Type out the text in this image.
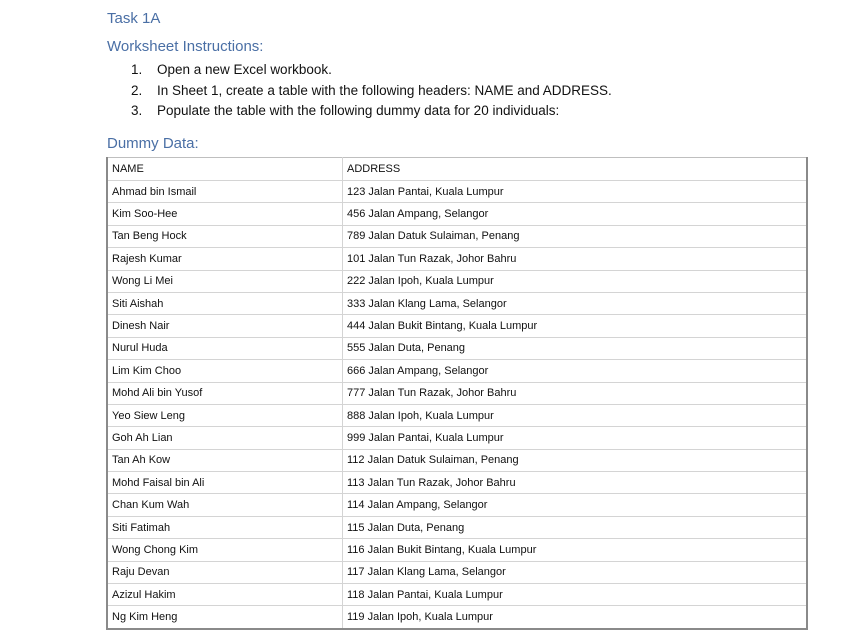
Task 1A
Worksheet Instructions:
1. Open a new Excel workbook.
2. In Sheet 1, create a table with the following headers: NAME and ADDRESS.
3. Populate the table with the following dummy data for 20 individuals:
Dummy Data:
NAME	ADDRESS
Ahmad bin Ismail	123 Jalan Pantai, Kuala Lumpur
Kim Soo-Hee	456 Jalan Ampang, Selangor
Tan Beng Hock	789 Jalan Datuk Sulaiman, Penang
Rajesh Kumar	101 Jalan Tun Razak, Johor Bahru
Wong Li Mei	222 Jalan Ipoh, Kuala Lumpur
Siti Aishah	333 Jalan Klang Lama, Selangor
Dinesh Nair	444 Jalan Bukit Bintang, Kuala Lumpur
Nurul Huda	555 Jalan Duta, Penang
Lim Kim Choo	666 Jalan Ampang, Selangor
Mohd Ali bin Yusof	777 Jalan Tun Razak, Johor Bahru
Yeo Siew Leng	888 Jalan Ipoh, Kuala Lumpur
Goh Ah Lian	999 Jalan Pantai, Kuala Lumpur
Tan Ah Kow	112 Jalan Datuk Sulaiman, Penang
Mohd Faisal bin Ali	113 Jalan Tun Razak, Johor Bahru
Chan Kum Wah	114 Jalan Ampang, Selangor
Siti Fatimah	115 Jalan Duta, Penang
Wong Chong Kim	116 Jalan Bukit Bintang, Kuala Lumpur
Raju Devan	117 Jalan Klang Lama, Selangor
Azizul Hakim	118 Jalan Pantai, Kuala Lumpur
Ng Kim Heng	119 Jalan Ipoh, Kuala Lumpur
